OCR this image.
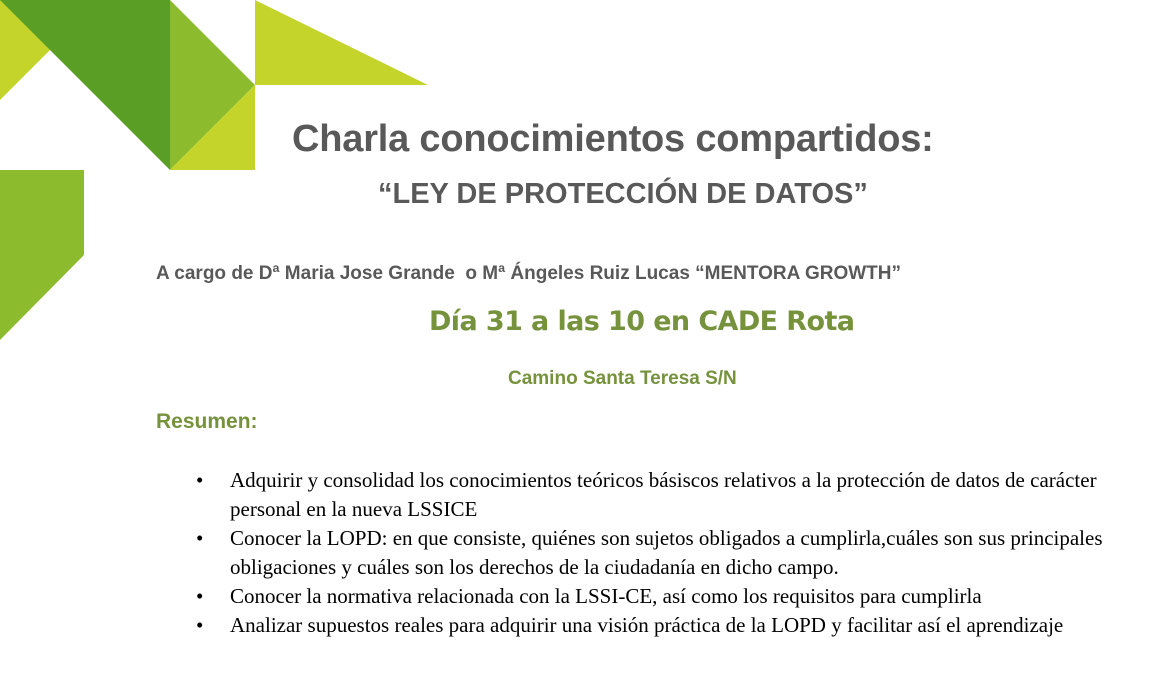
Charla conocimientos compartidos:
“LEY DE PROTECCIÓN DE DATOS”
A cargo de Dª Maria Jose Grande  o Mª Ángeles Ruiz Lucas “MENTORA GROWTH”
Día 31 a las 10 en CADE Rota
Camino Santa Teresa S/N
Resumen:
• Adquirir y consolidad los conocimientos teóricos básiscos relativos a la protección de datos de carácter personal en la nueva LSSICE
• Conocer la LOPD: en que consiste, quiénes son sujetos obligados a cumplirla,cuáles son sus principales obligaciones y cuáles son los derechos de la ciudadanía en dicho campo.
• Conocer la normativa relacionada con la LSSI-CE, así como los requisitos para cumplirla
• Analizar supuestos reales para adquirir una visión práctica de la LOPD y facilitar así el aprendizaje
